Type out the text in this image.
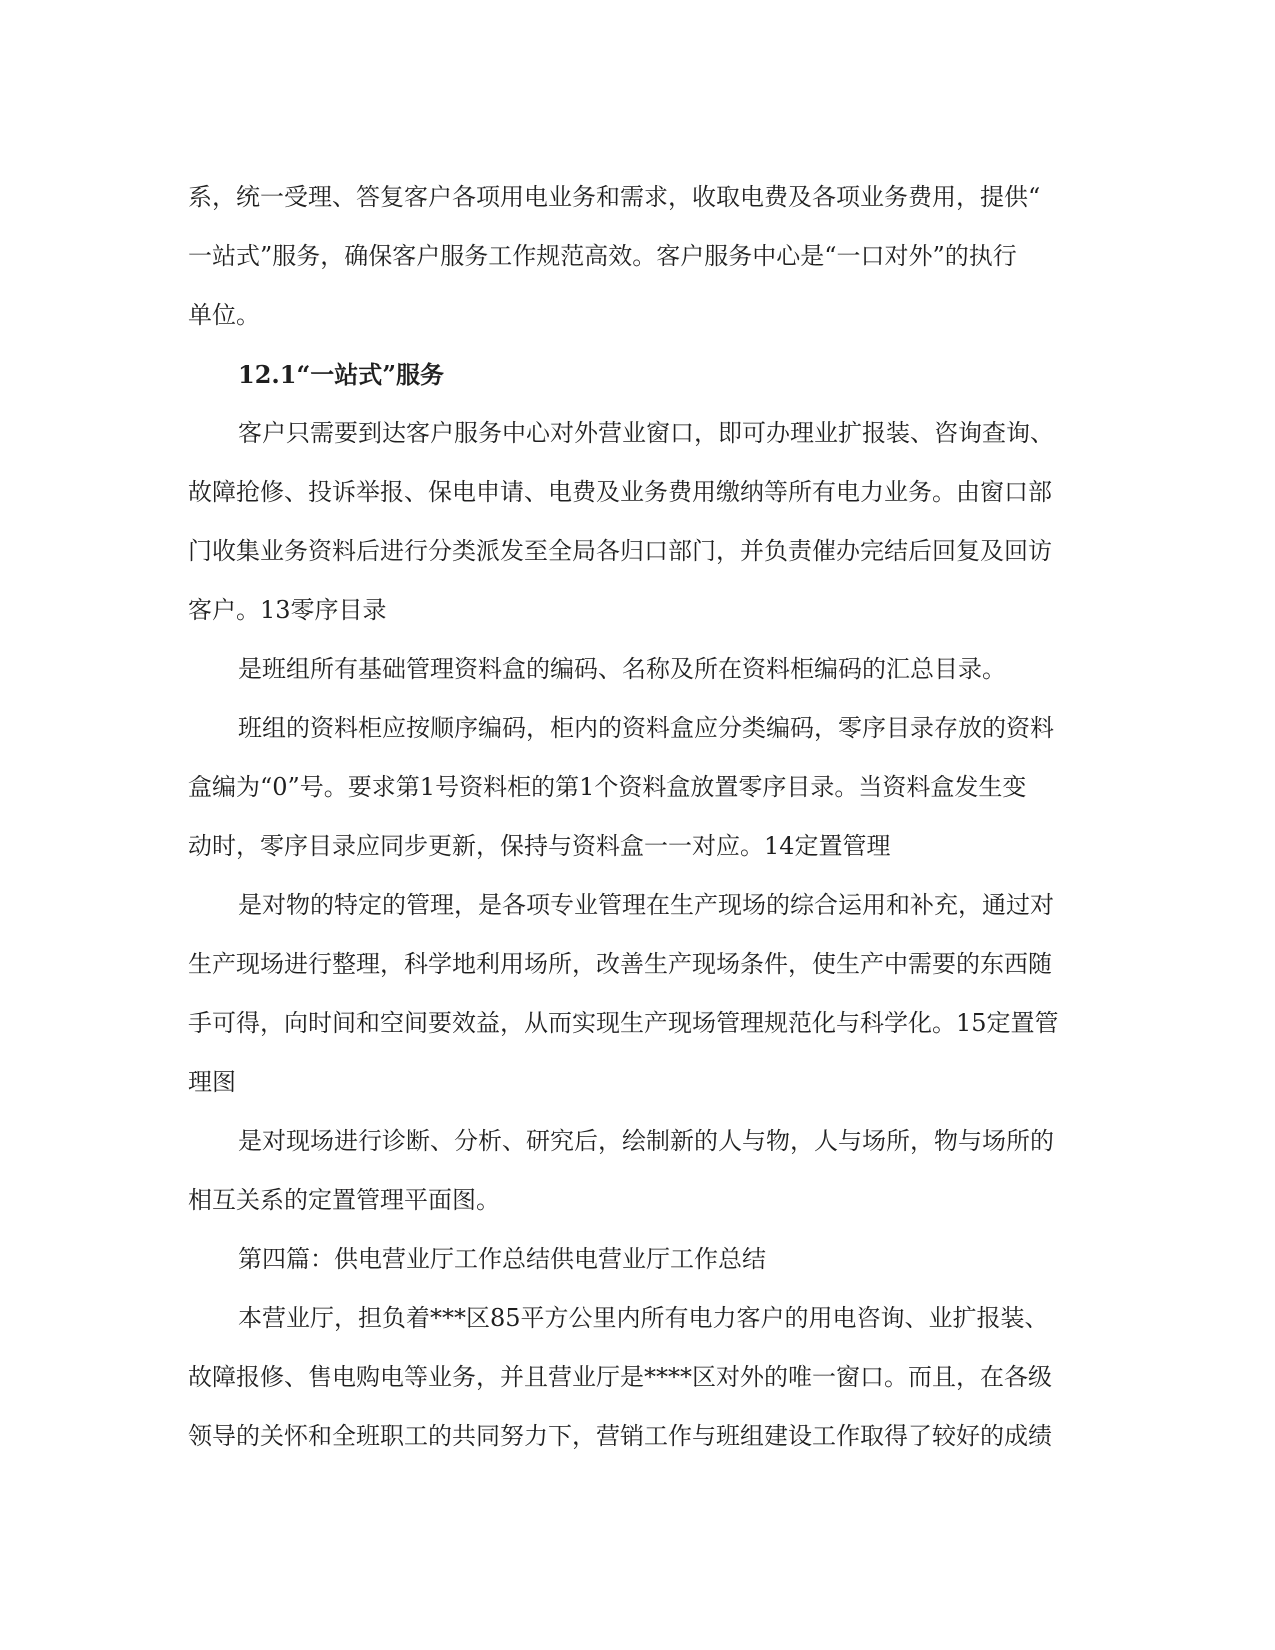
系，统一受理、答复客户各项用电业务和需求，收取电费及各项业务费用，提供“
一站式”服务，确保客户服务工作规范高效。客户服务中心是“一口对外”的执行
单位。
12.1“一站式”服务
客户只需要到达客户服务中心对外营业窗口，即可办理业扩报装、咨询查询、
故障抢修、投诉举报、保电申请、电费及业务费用缴纳等所有电力业务。由窗口部
门收集业务资料后进行分类派发至全局各归口部门，并负责催办完结后回复及回访
客户。13零序目录
是班组所有基础管理资料盒的编码、名称及所在资料柜编码的汇总目录。
班组的资料柜应按顺序编码，柜内的资料盒应分类编码，零序目录存放的资料
盒编为“0”号。要求第1号资料柜的第1个资料盒放置零序目录。当资料盒发生变
动时，零序目录应同步更新，保持与资料盒一一对应。14定置管理
是对物的特定的管理，是各项专业管理在生产现场的综合运用和补充，通过对
生产现场进行整理，科学地利用场所，改善生产现场条件，使生产中需要的东西随
手可得，向时间和空间要效益，从而实现生产现场管理规范化与科学化。15定置管
理图
是对现场进行诊断、分析、研究后，绘制新的人与物，人与场所，物与场所的
相互关系的定置管理平面图。
第四篇：供电营业厅工作总结供电营业厅工作总结
本营业厅，担负着***区85平方公里内所有电力客户的用电咨询、业扩报装、
故障报修、售电购电等业务，并且营业厅是****区对外的唯一窗口。而且，在各级
领导的关怀和全班职工的共同努力下，营销工作与班组建设工作取得了较好的成绩
